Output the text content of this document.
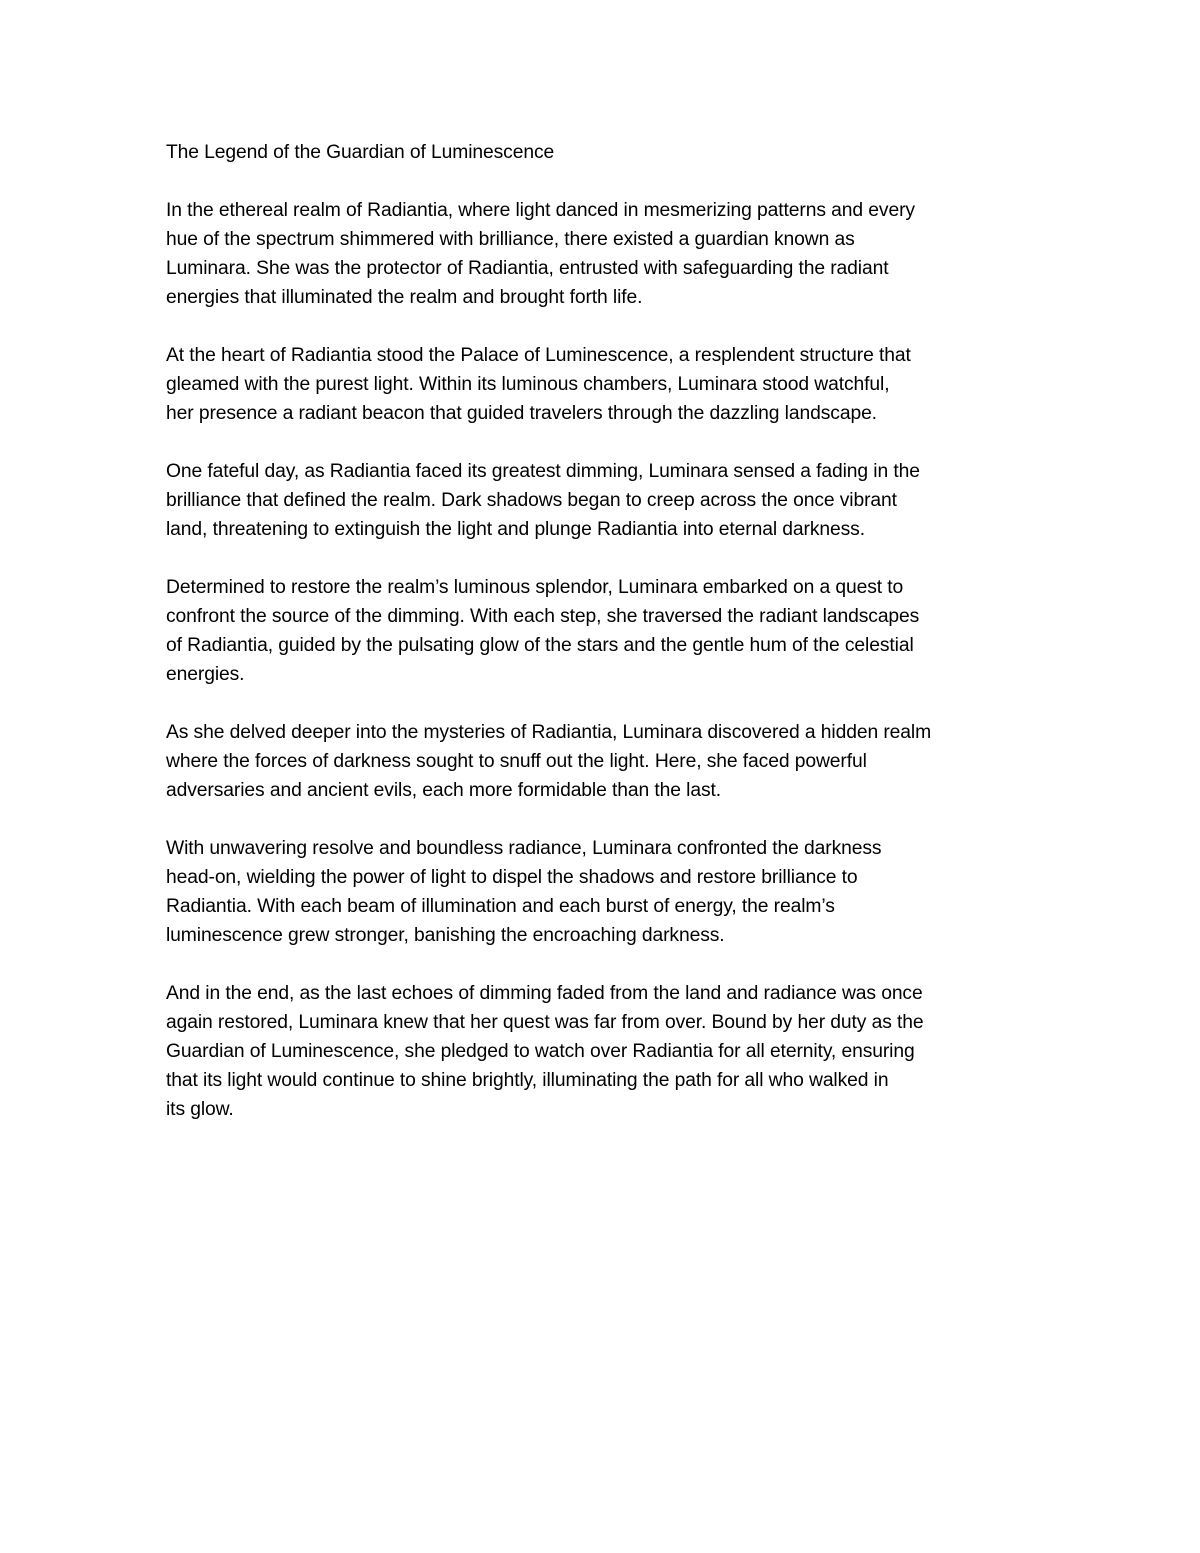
The Legend of the Guardian of Luminescence

In the ethereal realm of Radiantia, where light danced in mesmerizing patterns and every
hue of the spectrum shimmered with brilliance, there existed a guardian known as
Luminara. She was the protector of Radiantia, entrusted with safeguarding the radiant
energies that illuminated the realm and brought forth life.

At the heart of Radiantia stood the Palace of Luminescence, a resplendent structure that
gleamed with the purest light. Within its luminous chambers, Luminara stood watchful,
her presence a radiant beacon that guided travelers through the dazzling landscape.

One fateful day, as Radiantia faced its greatest dimming, Luminara sensed a fading in the
brilliance that defined the realm. Dark shadows began to creep across the once vibrant
land, threatening to extinguish the light and plunge Radiantia into eternal darkness.

Determined to restore the realm’s luminous splendor, Luminara embarked on a quest to
confront the source of the dimming. With each step, she traversed the radiant landscapes
of Radiantia, guided by the pulsating glow of the stars and the gentle hum of the celestial
energies.

As she delved deeper into the mysteries of Radiantia, Luminara discovered a hidden realm
where the forces of darkness sought to snuff out the light. Here, she faced powerful
adversaries and ancient evils, each more formidable than the last.

With unwavering resolve and boundless radiance, Luminara confronted the darkness
head-on, wielding the power of light to dispel the shadows and restore brilliance to
Radiantia. With each beam of illumination and each burst of energy, the realm’s
luminescence grew stronger, banishing the encroaching darkness.

And in the end, as the last echoes of dimming faded from the land and radiance was once
again restored, Luminara knew that her quest was far from over. Bound by her duty as the
Guardian of Luminescence, she pledged to watch over Radiantia for all eternity, ensuring
that its light would continue to shine brightly, illuminating the path for all who walked in
its glow.
